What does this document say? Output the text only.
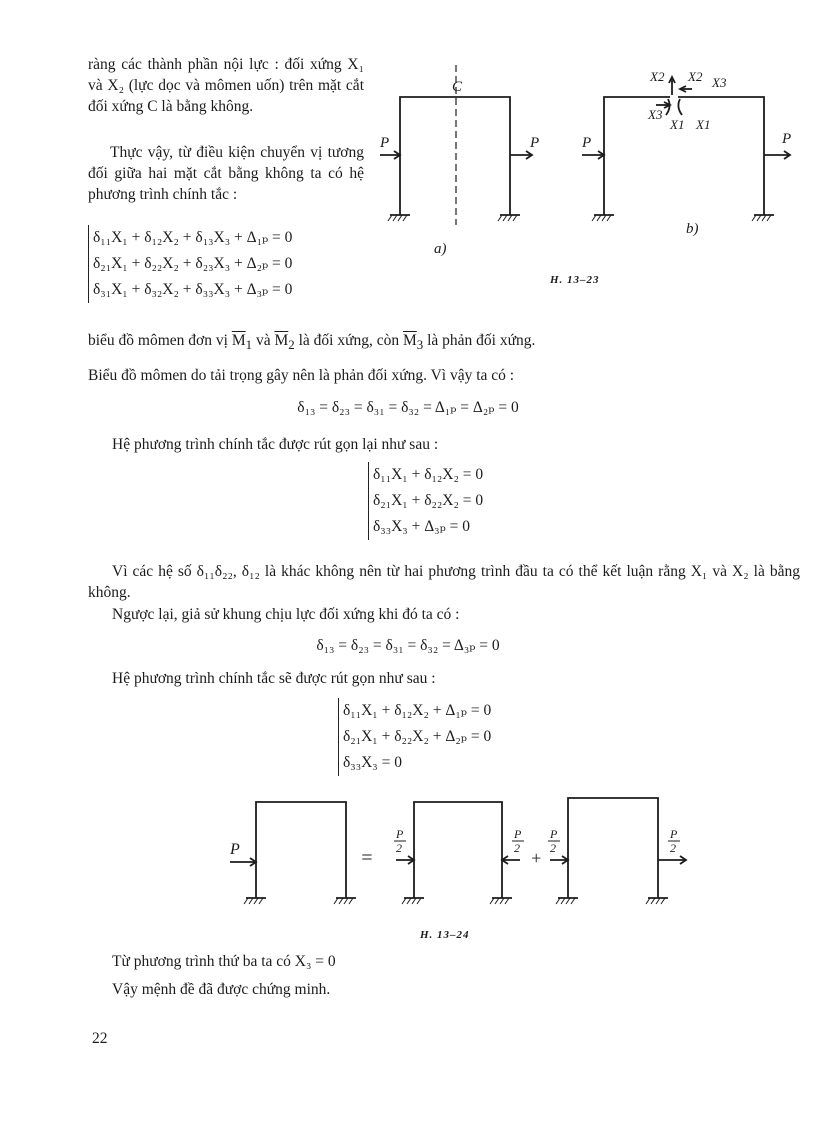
ràng các thành phần nội lực : đối xứng X₁ và X₂ (lực dọc và mômen uốn) trên mặt cắt đối xứng C là bằng không.
Thực vậy, từ điều kiện chuyển vị tương đối giữa hai mặt cắt bằng không ta có hệ phương trình chính tắc :
δ₁₁X₁ + δ₁₂X₂ + δ₁₃X₃ + Δ₁ₚ = 0
δ₂₁X₁ + δ₂₂X₂ + δ₂₃X₃ + Δ₂ₚ = 0
δ₃₁X₁ + δ₃₂X₂ + δ₃₃X₃ + Δ₃ₚ = 0
C
P	P	P	P
a)
b)
X2 X2 X3
X3
X1 X1
H. 13–23
biểu đồ mômen đơn vị $\overline{M}_1$ và $\overline{M}_2$ là đối xứng, còn $\overline{M}_3$ là phản đối xứng.
Biểu đồ mômen do tải trọng gây nên là phản đối xứng. Vì vậy ta có :
δ₁₃ = δ₂₃ = δ₃₁ = δ₃₂ = Δ₁ₚ = Δ₂ₚ = 0
Hệ phương trình chính tắc được rút gọn lại như sau :
δ₁₁X₁ + δ₁₂X₂ = 0
δ₂₁X₁ + δ₂₂X₂ = 0
δ₃₃X₃ + Δ₃ₚ = 0
Vì các hệ số δ₁₁δ₂₂, δ₁₂ là khác không nên từ hai phương trình đầu ta có thể kết luận rằng X₁ và X₂ là bằng không.
Ngược lại, giả sử khung chịu lực đối xứng khi đó ta có :
δ₁₃ = δ₂₃ = δ₃₁ = δ₃₂ = Δ₃ₚ = 0
Hệ phương trình chính tắc sẽ được rút gọn như sau :
δ₁₁X₁ + δ₁₂X₂ + Δ₁ₚ = 0
δ₂₁X₁ + δ₂₂X₂ + Δ₂ₚ = 0
δ₃₃X₃ = 0
P	=	+
P
2
P
2
P
2
P
2
H. 13–24
Từ phương trình thứ ba ta có X₃ = 0
Vậy mệnh đề đã được chứng minh.
22
